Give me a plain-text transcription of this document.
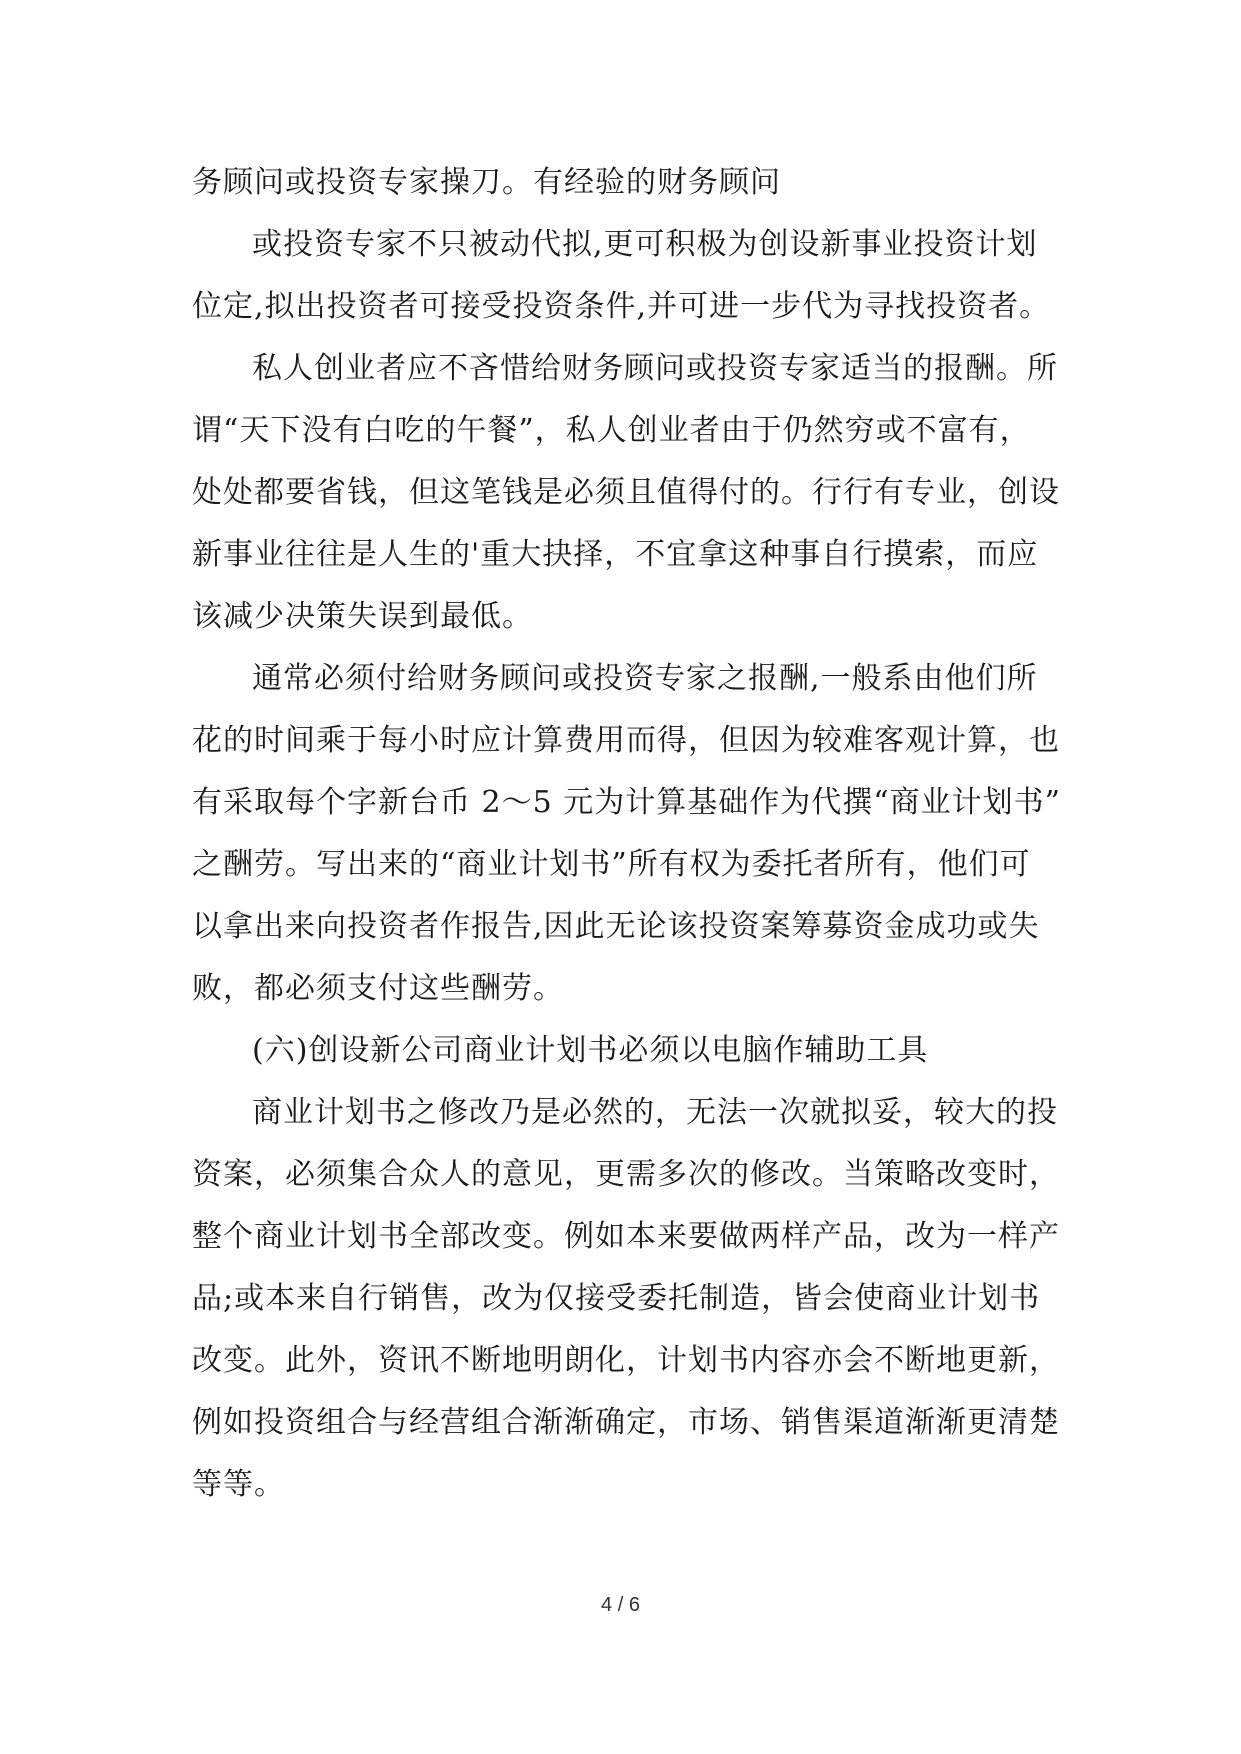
务顾问或投资专家操刀。有经验的财务顾问
或投资专家不只被动代拟,更可积极为创设新事业投资计划
位定,拟出投资者可接受投资条件,并可进一步代为寻找投资者。
私人创业者应不吝惜给财务顾问或投资专家适当的报酬。所
谓“天下没有白吃的午餐”，私人创业者由于仍然穷或不富有，
处处都要省钱，但这笔钱是必须且值得付的。行行有专业，创设
新事业往往是人生的'重大抉择，不宜拿这种事自行摸索，而应
该减少决策失误到最低。
通常必须付给财务顾问或投资专家之报酬,一般系由他们所
花的时间乘于每小时应计算费用而得，但因为较难客观计算，也
有采取每个字新台币 2～5 元为计算基础作为代撰“商业计划书”
之酬劳。写出来的“商业计划书”所有权为委托者所有，他们可
以拿出来向投资者作报告,因此无论该投资案筹募资金成功或失
败，都必须支付这些酬劳。
(六)创设新公司商业计划书必须以电脑作辅助工具
商业计划书之修改乃是必然的，无法一次就拟妥，较大的投
资案，必须集合众人的意见，更需多次的修改。当策略改变时，
整个商业计划书全部改变。例如本来要做两样产品，改为一样产
品;或本来自行销售，改为仅接受委托制造，皆会使商业计划书
改变。此外，资讯不断地明朗化，计划书内容亦会不断地更新，
例如投资组合与经营组合渐渐确定，市场、销售渠道渐渐更清楚
等等。
4 / 6
